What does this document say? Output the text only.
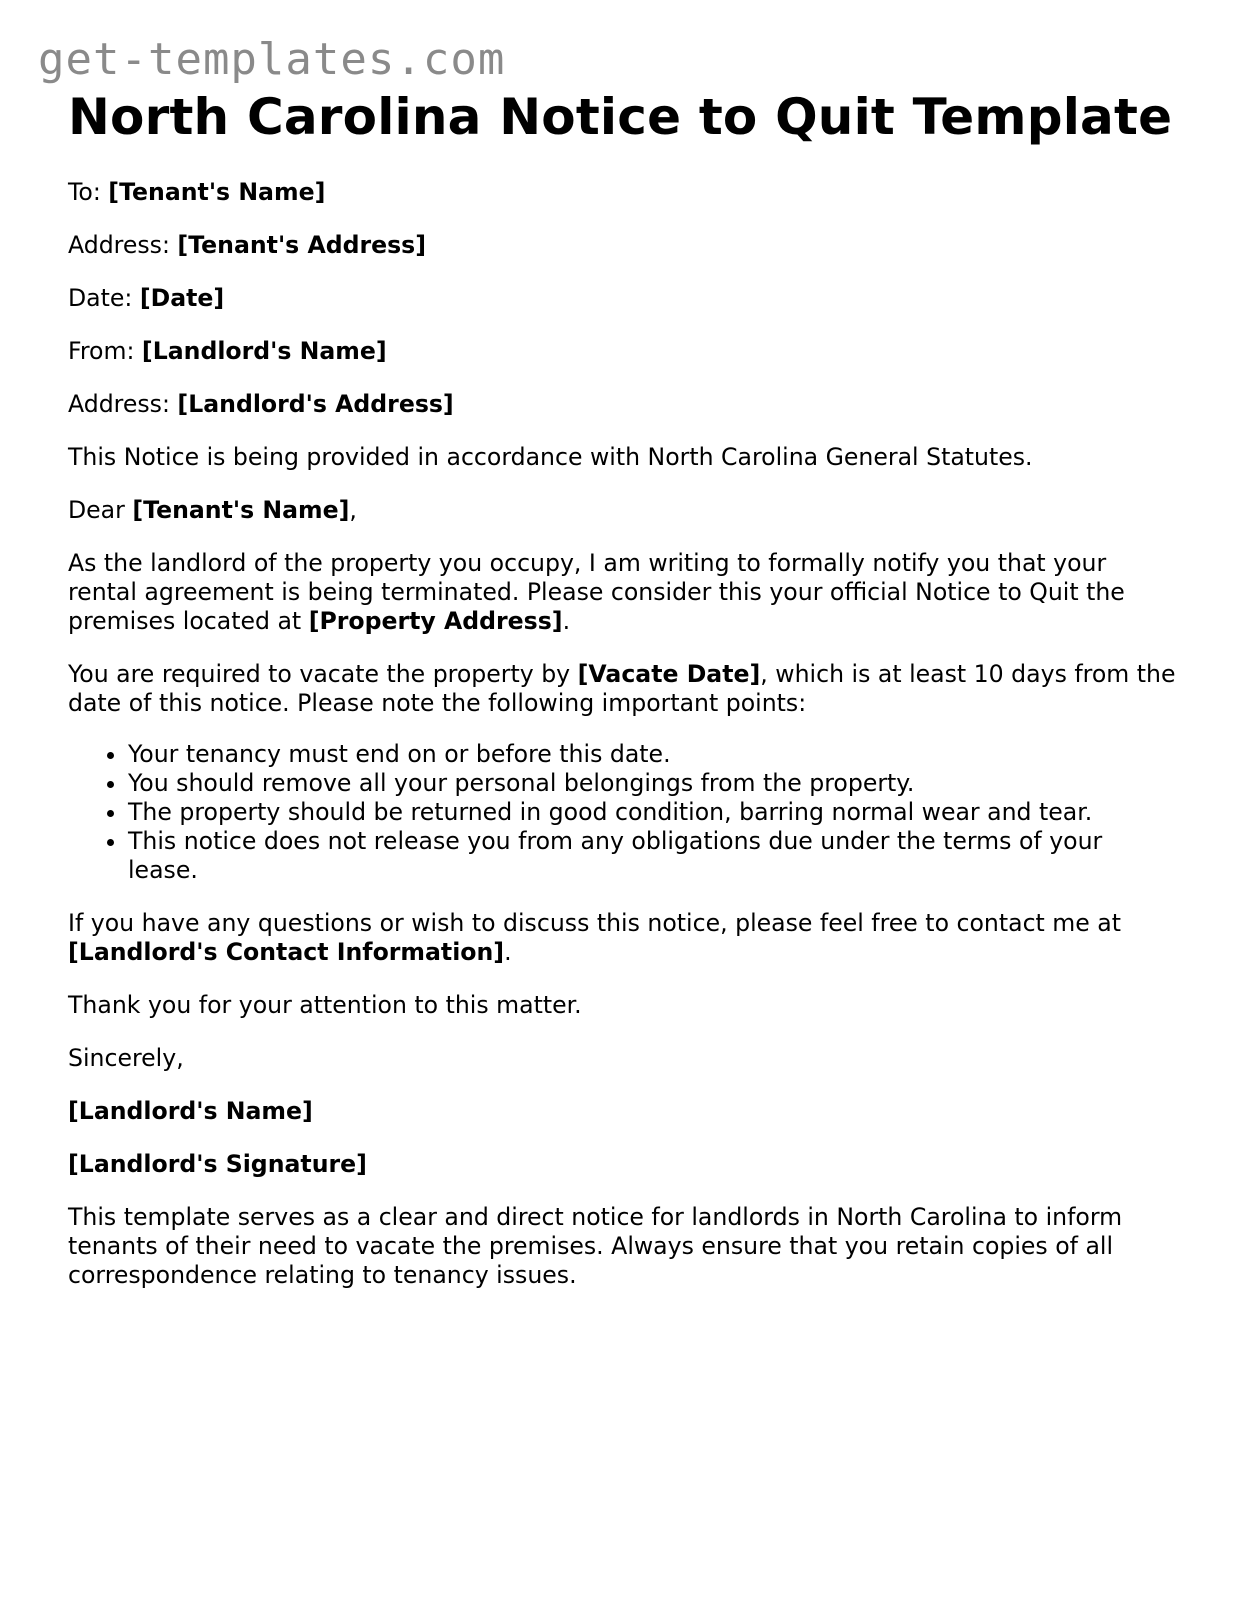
get-templates.com
North Carolina Notice to Quit Template

To: [Tenant's Name]

Address: [Tenant's Address]

Date: [Date]

From: [Landlord's Name]

Address: [Landlord's Address]

This Notice is being provided in accordance with North Carolina General Statutes.

Dear [Tenant's Name],

As the landlord of the property you occupy, I am writing to formally notify you that your rental agreement is being terminated. Please consider this your official Notice to Quit the premises located at [Property Address].

You are required to vacate the property by [Vacate Date], which is at least 10 days from the date of this notice. Please note the following important points:

• Your tenancy must end on or before this date.
• You should remove all your personal belongings from the property.
• The property should be returned in good condition, barring normal wear and tear.
• This notice does not release you from any obligations due under the terms of your lease.

If you have any questions or wish to discuss this notice, please feel free to contact me at [Landlord's Contact Information].

Thank you for your attention to this matter.

Sincerely,

[Landlord's Name]

[Landlord's Signature]

This template serves as a clear and direct notice for landlords in North Carolina to inform tenants of their need to vacate the premises. Always ensure that you retain copies of all correspondence relating to tenancy issues.
